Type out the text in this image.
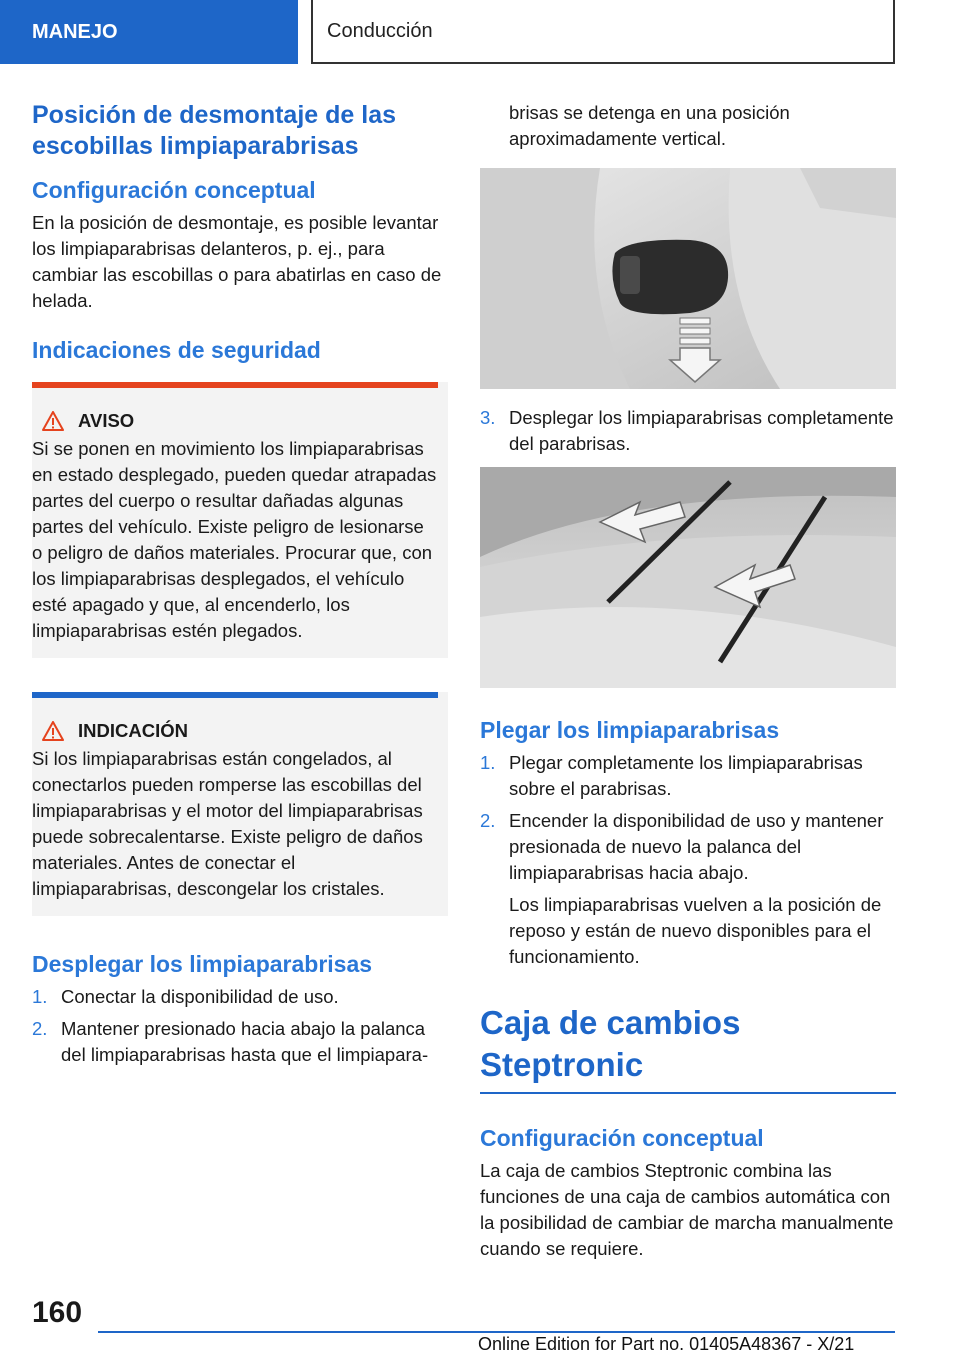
MANEJO	Conducción
Posición de desmontaje de las escobillas limpiaparabrisas
Configuración conceptual

En la posición de desmontaje, es posible levantar los limpiaparabrisas delanteros, p. ej., para cambiar las escobillas o para abatirlas en caso de helada.

Indicaciones de seguridad
AVISO

Si se ponen en movimiento los limpiaparabrisas en estado desplegado, pueden quedar atrapadas partes del cuerpo o resultar dañadas algunas partes del vehículo. Existe peligro de lesionarse o peligro de daños materiales. Procurar que, con los limpiaparabrisas desplegados, el vehículo esté apagado y que, al encenderlo, los limpiaparabrisas estén plegados.

INDICACIÓN

Si los limpiaparabrisas están congelados, al conectarlos pueden romperse las escobillas del limpiaparabrisas y el motor del limpiaparabrisas puede sobrecalentarse. Existe peligro de daños materiales. Antes de conectar el limpiaparabrisas, descongelar los cristales.

Desplegar los limpiaparabrisas
1. Conectar la disponibilidad de uso.
2. Mantener presionado hacia abajo la palanca del limpiaparabrisas hasta que el limpiapara-

brisas se detenga en una posición aproximadamente vertical.

3. Desplegar los limpiaparabrisas completamente del parabrisas.
Plegar los limpiaparabrisas
1. Plegar completamente los limpiaparabrisas sobre el parabrisas.
2. Encender la disponibilidad de uso y mantener presionada de nuevo la palanca del limpiaparabrisas hacia abajo.

Los limpiaparabrisas vuelven a la posición de reposo y están de nuevo disponibles para el funcionamiento.

Caja de cambios Steptronic
Configuración conceptual

La caja de cambios Steptronic combina las funciones de una caja de cambios automática con la posibilidad de cambiar de marcha manualmente cuando se requiere.

160
Online Edition for Part no. 01405A48367 - X/21
